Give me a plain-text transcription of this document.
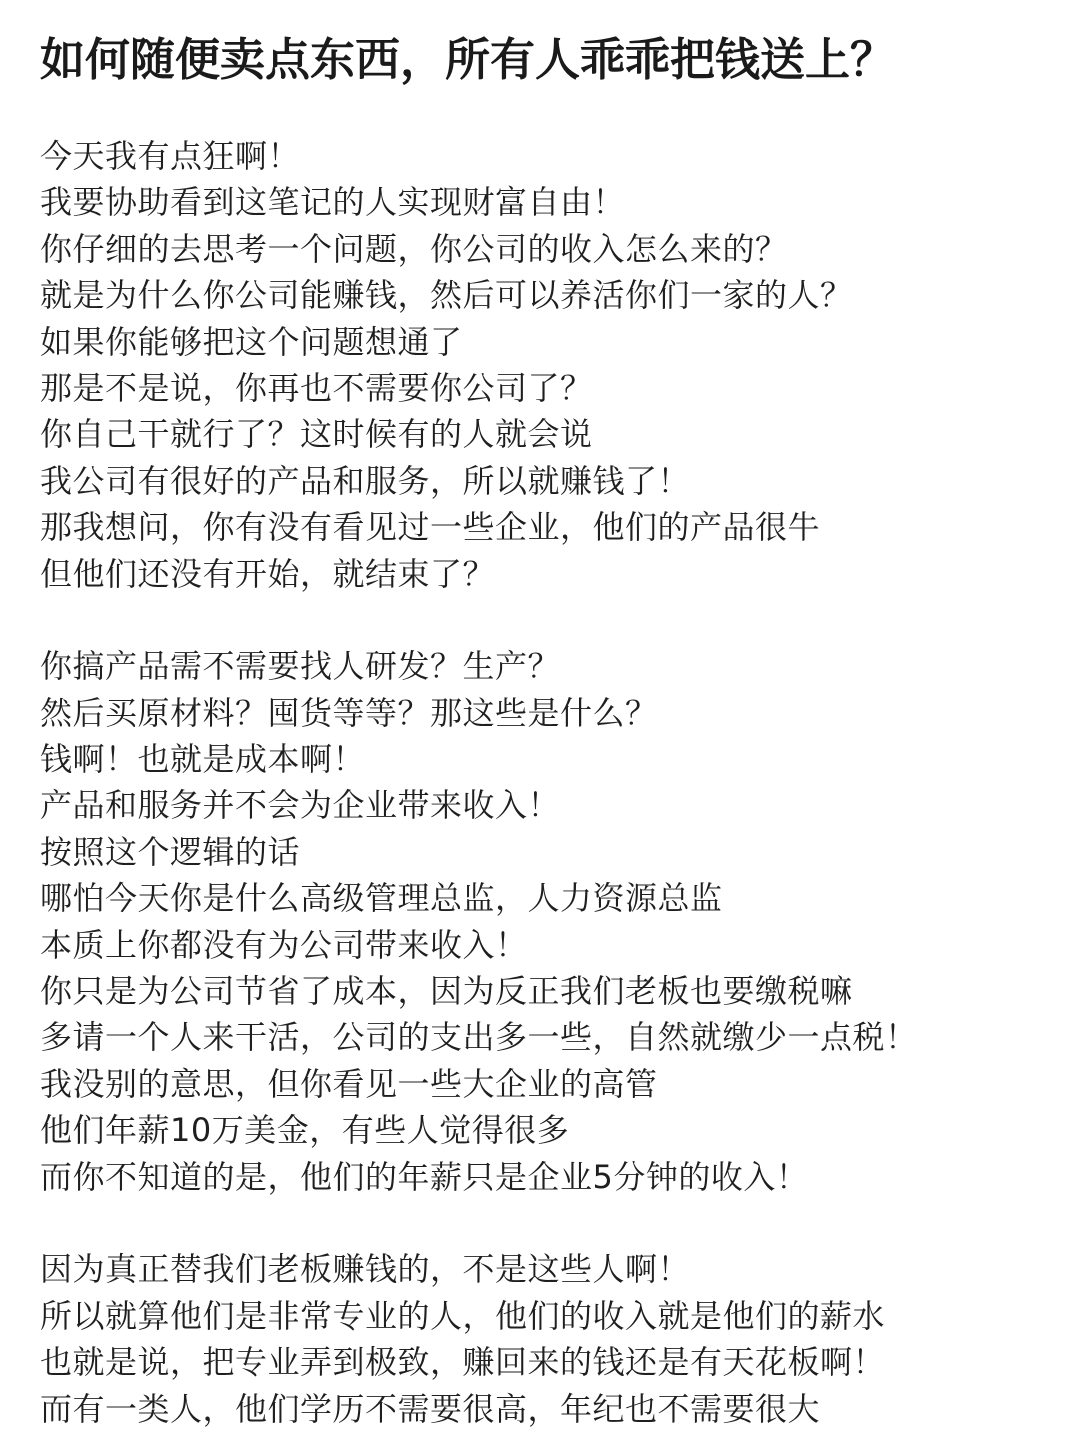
如何随便卖点东西，所有人乖乖把钱送上？
今天我有点狂啊！
我要协助看到这笔记的人实现财富自由！
你仔细的去思考一个问题，你公司的收入怎么来的？
就是为什么你公司能赚钱，然后可以养活你们一家的人？
如果你能够把这个问题想通了
那是不是说，你再也不需要你公司了？
你自己干就行了？这时候有的人就会说
我公司有很好的产品和服务，所以就赚钱了！
那我想问，你有没有看见过一些企业，他们的产品很牛
但他们还没有开始，就结束了？
你搞产品需不需要找人研发？生产？
然后买原材料？囤货等等？那这些是什么？
钱啊！也就是成本啊！
产品和服务并不会为企业带来收入！
按照这个逻辑的话
哪怕今天你是什么高级管理总监，人力资源总监
本质上你都没有为公司带来收入！
你只是为公司节省了成本，因为反正我们老板也要缴税嘛
多请一个人来干活，公司的支出多一些，自然就缴少一点税！
我没别的意思，但你看见一些大企业的高管
他们年薪10万美金，有些人觉得很多
而你不知道的是，他们的年薪只是企业5分钟的收入！
因为真正替我们老板赚钱的，不是这些人啊！
所以就算他们是非常专业的人，他们的收入就是他们的薪水
也就是说，把专业弄到极致，赚回来的钱还是有天花板啊！
而有一类人，他们学历不需要很高，年纪也不需要很大
